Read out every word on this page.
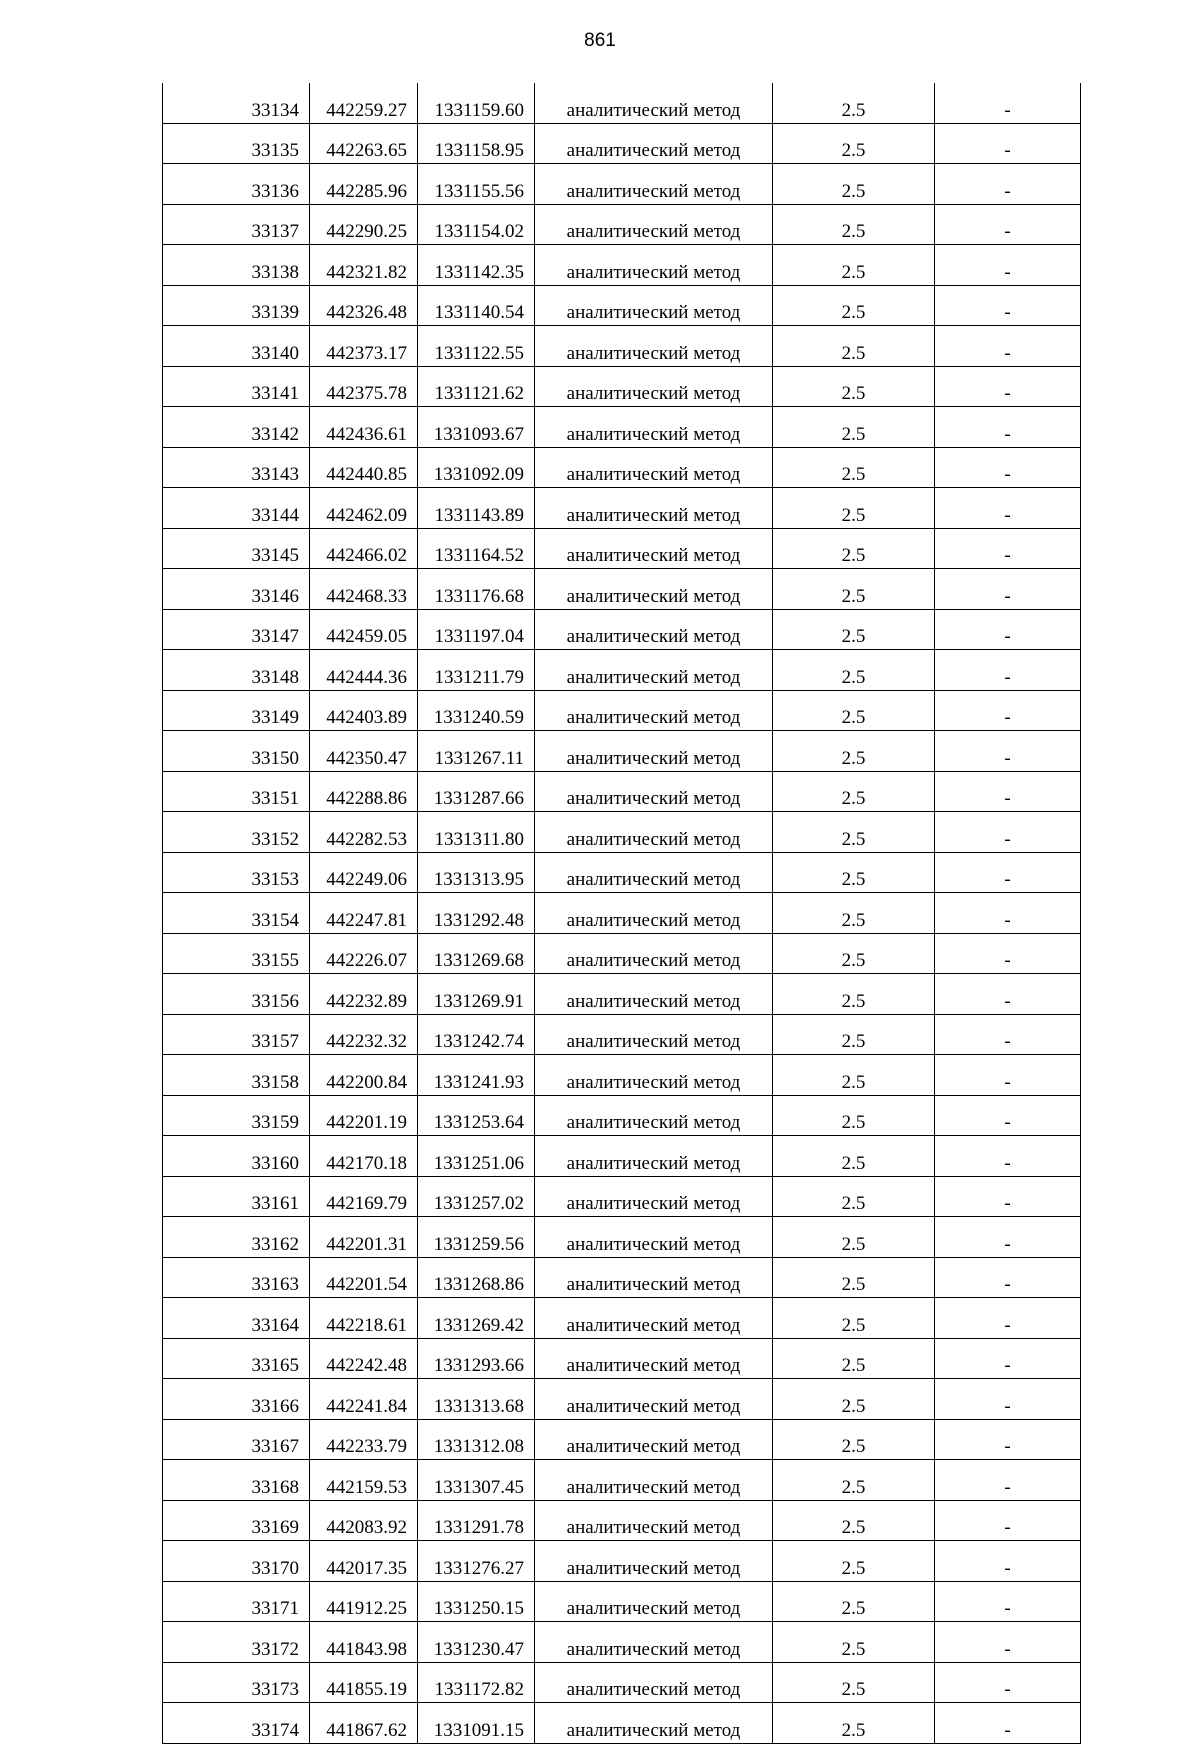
861
33134	442259.27	1331159.60	аналитический метод	2.5	-
33135	442263.65	1331158.95	аналитический метод	2.5	-
33136	442285.96	1331155.56	аналитический метод	2.5	-
33137	442290.25	1331154.02	аналитический метод	2.5	-
33138	442321.82	1331142.35	аналитический метод	2.5	-
33139	442326.48	1331140.54	аналитический метод	2.5	-
33140	442373.17	1331122.55	аналитический метод	2.5	-
33141	442375.78	1331121.62	аналитический метод	2.5	-
33142	442436.61	1331093.67	аналитический метод	2.5	-
33143	442440.85	1331092.09	аналитический метод	2.5	-
33144	442462.09	1331143.89	аналитический метод	2.5	-
33145	442466.02	1331164.52	аналитический метод	2.5	-
33146	442468.33	1331176.68	аналитический метод	2.5	-
33147	442459.05	1331197.04	аналитический метод	2.5	-
33148	442444.36	1331211.79	аналитический метод	2.5	-
33149	442403.89	1331240.59	аналитический метод	2.5	-
33150	442350.47	1331267.11	аналитический метод	2.5	-
33151	442288.86	1331287.66	аналитический метод	2.5	-
33152	442282.53	1331311.80	аналитический метод	2.5	-
33153	442249.06	1331313.95	аналитический метод	2.5	-
33154	442247.81	1331292.48	аналитический метод	2.5	-
33155	442226.07	1331269.68	аналитический метод	2.5	-
33156	442232.89	1331269.91	аналитический метод	2.5	-
33157	442232.32	1331242.74	аналитический метод	2.5	-
33158	442200.84	1331241.93	аналитический метод	2.5	-
33159	442201.19	1331253.64	аналитический метод	2.5	-
33160	442170.18	1331251.06	аналитический метод	2.5	-
33161	442169.79	1331257.02	аналитический метод	2.5	-
33162	442201.31	1331259.56	аналитический метод	2.5	-
33163	442201.54	1331268.86	аналитический метод	2.5	-
33164	442218.61	1331269.42	аналитический метод	2.5	-
33165	442242.48	1331293.66	аналитический метод	2.5	-
33166	442241.84	1331313.68	аналитический метод	2.5	-
33167	442233.79	1331312.08	аналитический метод	2.5	-
33168	442159.53	1331307.45	аналитический метод	2.5	-
33169	442083.92	1331291.78	аналитический метод	2.5	-
33170	442017.35	1331276.27	аналитический метод	2.5	-
33171	441912.25	1331250.15	аналитический метод	2.5	-
33172	441843.98	1331230.47	аналитический метод	2.5	-
33173	441855.19	1331172.82	аналитический метод	2.5	-
33174	441867.62	1331091.15	аналитический метод	2.5	-
